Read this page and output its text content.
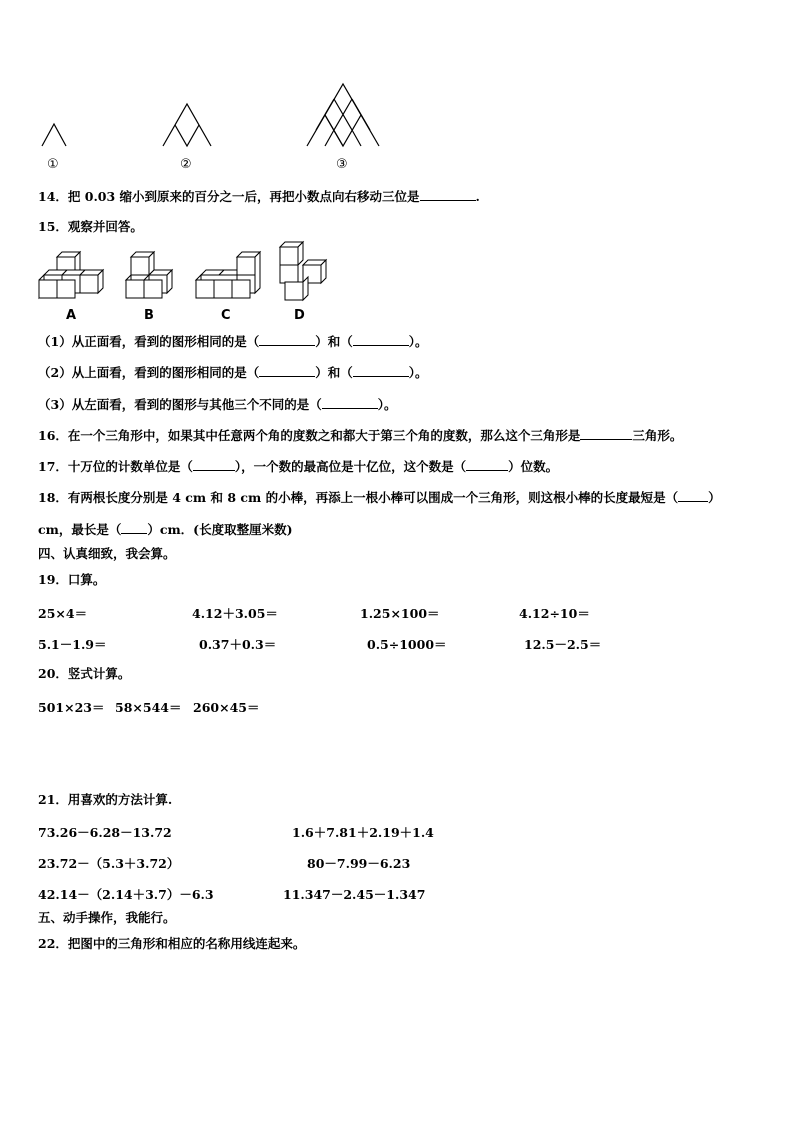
①	②	③
14．把 0.03 缩小到原来的百分之一后，再把小数点向右移动三位是	.
15．观察并回答。
A	B	C	D
（1）从正面看，看到的图形相同的是（	）和（	）。
（2）从上面看，看到的图形相同的是（	）和（	）。
（3）从左面看，看到的图形与其他三个不同的是（	）。
16．在一个三角形中，如果其中任意两个角的度数之和都大于第三个角的度数，那么这个三角形是	三角形。
17．十万位的计数单位是（	），一个数的最高位是十亿位，这个数是（	）位数。
18．有两根长度分别是 4 cm 和 8 cm 的小棒，再添上一根小棒可以围成一个三角形，则这根小棒的长度最短是（ ）
cm，最长是（ ）cm．(长度取整厘米数)
四、认真细致，我会算。
19．口算。
25×4＝	4.12＋3.05＝	1.25×100＝	4.12÷10＝
5.1－1.9＝	0.37＋0.3＝	0.5÷1000＝	12.5－2.5＝
20．竖式计算。
501×23＝ 58×544＝ 260×45＝
21．用喜欢的方法计算.
73.26－6.28－13.72	1.6＋7.81＋2.19＋1.4
23.72－（5.3＋3.72）	80－7.99－6.23
42.14－（2.14＋3.7）－6.3	11.347－2.45－1.347
五、动手操作，我能行。
22．把图中的三角形和相应的名称用线连起来。
